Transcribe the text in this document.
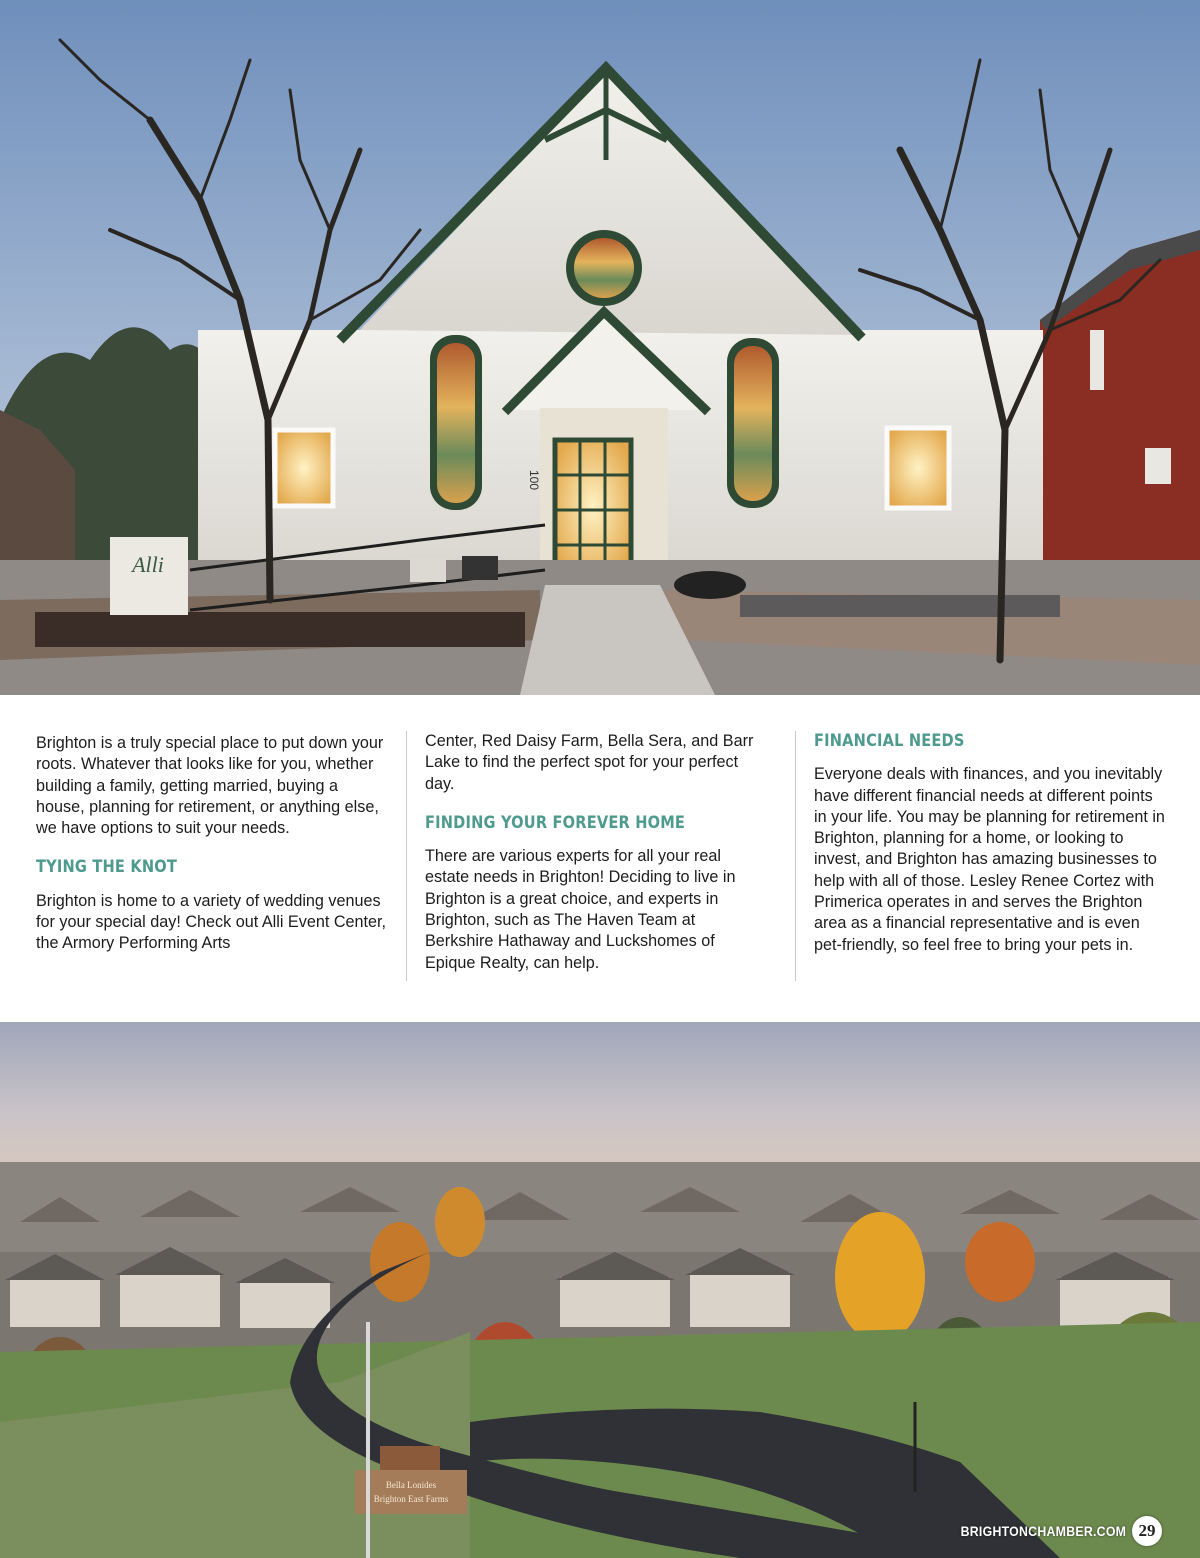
100
Alli

Brighton is a truly special place to put down your roots. Whatever that looks like for you, whether building a family, getting married, buying a house, planning for retirement, or anything else, we have options to suit your needs.

TYING THE KNOT

Brighton is home to a variety of wedding venues for your special day! Check out Alli Event Center, the Armory Performing Arts

Center, Red Daisy Farm, Bella Sera, and Barr Lake to find the perfect spot for your perfect day.

FINDING YOUR FOREVER HOME

There are various experts for all your real estate needs in Brighton! Deciding to live in Brighton is a great choice, and experts in Brighton, such as The Haven Team at Berkshire Hathaway and Luckshomes of Epique Realty, can help.

FINANCIAL NEEDS

Everyone deals with finances, and you inevitably have different financial needs at different points in your life. You may be planning for retirement in Brighton, planning for a home, or looking to invest, and Brighton has amazing businesses to help with all of those. Lesley Renee Cortez with Primerica operates in and serves the Brighton area as a financial representative and is even pet-friendly, so feel free to bring your pets in.

Bella Lonides
Brighton East Farms
BRIGHTONCHAMBER.COM 29
